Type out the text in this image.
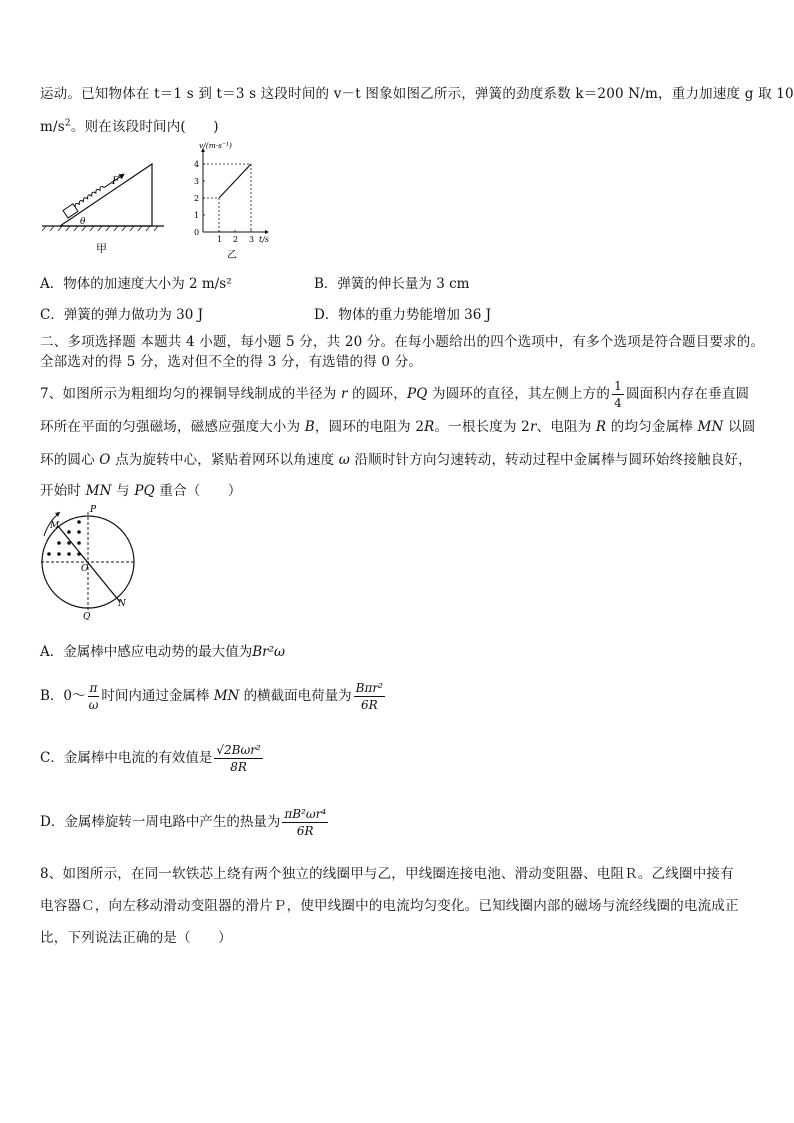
运动。已知物体在 t＝1 s 到 t＝3 s 这段时间的 v－t 图象如图乙所示，弹簧的劲度系数 k＝200 N/m，重力加速度 g 取 10
$m/s^2$。则在该段时间内(　　)
F
θ
甲
4
3
2
1
0
1 2 3
v/(m·s⁻¹)
t/s
乙
A．物体的加速度大小为 2 m/s²	B．弹簧的伸长量为 3 cm
C．弹簧的弹力做功为 30 J	D．物体的重力势能增加 36 J
二、多项选择题 本题共 4 小题，每小题 5 分，共 20 分。在每小题给出的四个选项中，有多个选项是符合题目要求的。
全部选对的得 5 分，选对但不全的得 3 分，有选错的得 0 分。
7、如图所示为粗细均匀的裸铜导线制成的半径为 r 的圆环，PQ 为圆环的直径，其左侧上方的 $\frac{1}{4}$ 圆面积内存在垂直圆
环所在平面的匀强磁场，磁感应强度大小为 B，圆环的电阻为 2R。一根长度为 2r、电阻为 R 的均匀金属棒 MN 以圆
环的圆心 O 点为旋转中心，紧贴着网环以角速度 ω 沿顺时针方向匀速转动，转动过程中金属棒与圆环始终接触良好，
开始时 MN 与 PQ 重合（　　）
P
Q
M
N
O
A．金属棒中感应电动势的最大值为Br²ω
B．0～ $\frac{\pi}{\omega}$ 时间内通过金属棒 MN 的横截面电荷量为 $\frac{\text{Bπr²}}{6R}$
C．金属棒中电流的有效值是 $\frac{\text{√2Bωr²}}{8R}$
D．金属棒旋转一周电路中产生的热量为 $\frac{\text{πB²ωr⁴}}{6R}$
8、如图所示，在同一软铁芯上绕有两个独立的线圈甲与乙，甲线圈连接电池、滑动变阻器、电阻Ｒ。乙线圈中接有
电容器Ｃ，向左移动滑动变阻器的滑片Ｐ，使甲线圈中的电流均匀变化。已知线圈内部的磁场与流经线圈的电流成正
比，下列说法正确的是（　　）
